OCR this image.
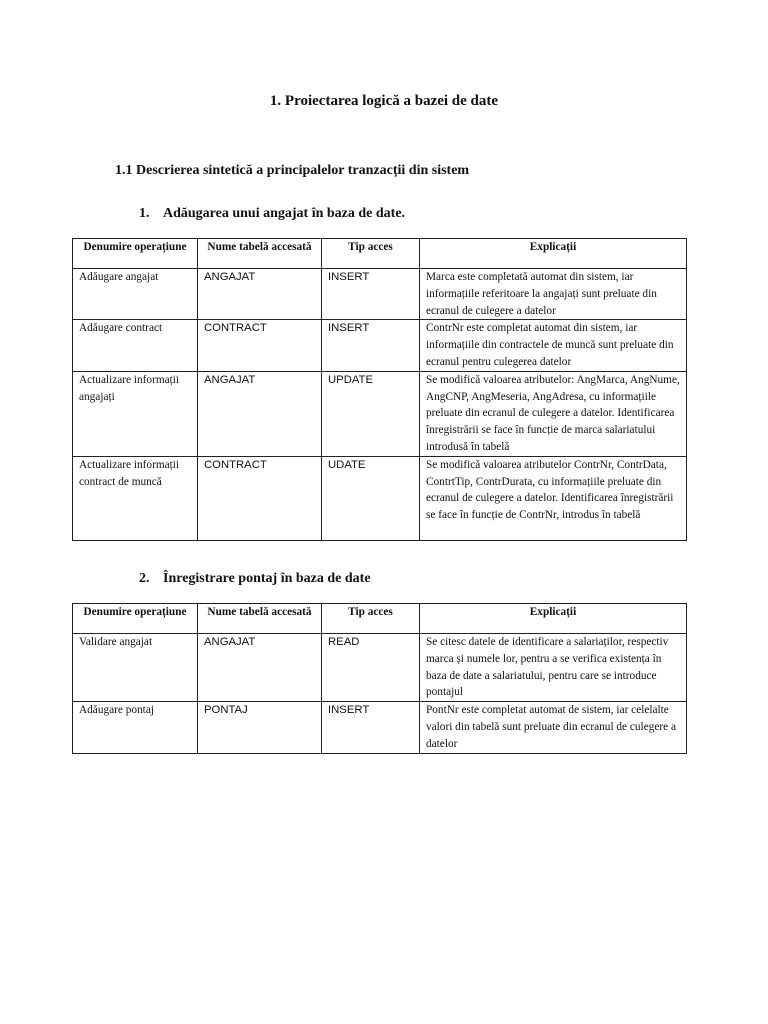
1. Proiectarea logică a bazei de date
1.1 Descrierea sintetică a principalelor tranzacții din sistem
1. Adăugarea unui angajat în baza de date.
Denumire operațiune	Nume tabelă accesată	Tip acces	Explicații
Adăugare angajat	ANGAJAT	INSERT	Marca este completată automat din sistem, iar informațiile referitoare la angajați sunt preluate din ecranul de culegere a datelor
Adăugare contract	CONTRACT	INSERT	ContrNr este completat automat din sistem, iar informațiile din contractele de muncă sunt preluate din ecranul pentru culegerea datelor
Actualizare informații angajați	ANGAJAT	UPDATE	Se modifică valoarea atributelor: AngMarca, AngNume, AngCNP, AngMeseria, AngAdresa, cu informațiile preluate din ecranul de culegere a datelor. Identificarea înregistrării se face în funcție de marca salariatului introdusă în tabelă
Actualizare informații contract de muncă	CONTRACT	UDATE	Se modifică valoarea atributelor ContrNr, ContrData, ContrtTip, ContrDurata, cu informațiile preluate din ecranul de culegere a datelor. Identificarea înregistrării se face în funcție de ContrNr, introdus în tabelă
2. Înregistrare pontaj în baza de date
Denumire operațiune	Nume tabelă accesată	Tip acces	Explicații
Validare angajat	ANGAJAT	READ	Se citesc datele de identificare a salariaților, respectiv marca și numele lor, pentru a se verifica existența în baza de date a salariatului, pentru care se introduce pontajul
Adăugare pontaj	PONTAJ	INSERT	PontNr este completat automat de sistem, iar celelalte valori din tabelă sunt preluate din ecranul de culegere a datelor
